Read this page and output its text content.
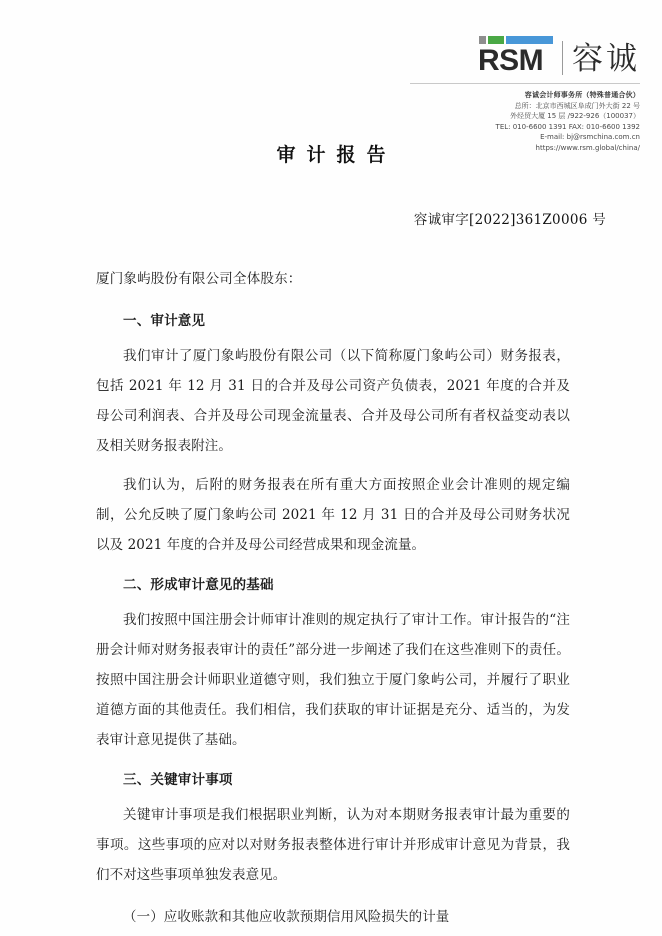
RSM 容诚
容诚会计师事务所（特殊普通合伙）
总所：北京市西城区阜成门外大街 22 号
外经贸大厦 15 层 /922-926（100037）
TEL: 010-6600 1391 FAX: 010-6600 1392
E-mail: bj@rsmchina.com.cn
https://www.rsm.global/china/
审计报告
容诚审字[2022]361Z0006 号
厦门象屿股份有限公司全体股东：
一、审计意见

我们审计了厦门象屿股份有限公司（以下简称厦门象屿公司）财务报表，包括 2021 年 12 月 31 日的合并及母公司资产负债表，2021 年度的合并及母公司利润表、合并及母公司现金流量表、合并及母公司所有者权益变动表以及相关财务报表附注。

我们认为，后附的财务报表在所有重大方面按照企业会计准则的规定编制，公允反映了厦门象屿公司 2021 年 12 月 31 日的合并及母公司财务状况以及 2021 年度的合并及母公司经营成果和现金流量。

二、形成审计意见的基础

我们按照中国注册会计师审计准则的规定执行了审计工作。审计报告的“注册会计师对财务报表审计的责任”部分进一步阐述了我们在这些准则下的责任。按照中国注册会计师职业道德守则，我们独立于厦门象屿公司，并履行了职业道德方面的其他责任。我们相信，我们获取的审计证据是充分、适当的，为发表审计意见提供了基础。

三、关键审计事项

关键审计事项是我们根据职业判断，认为对本期财务报表审计最为重要的事项。这些事项的应对以对财务报表整体进行审计并形成审计意见为背景，我们不对这些事项单独发表意见。

（一）应收账款和其他应收款预期信用风险损失的计量
